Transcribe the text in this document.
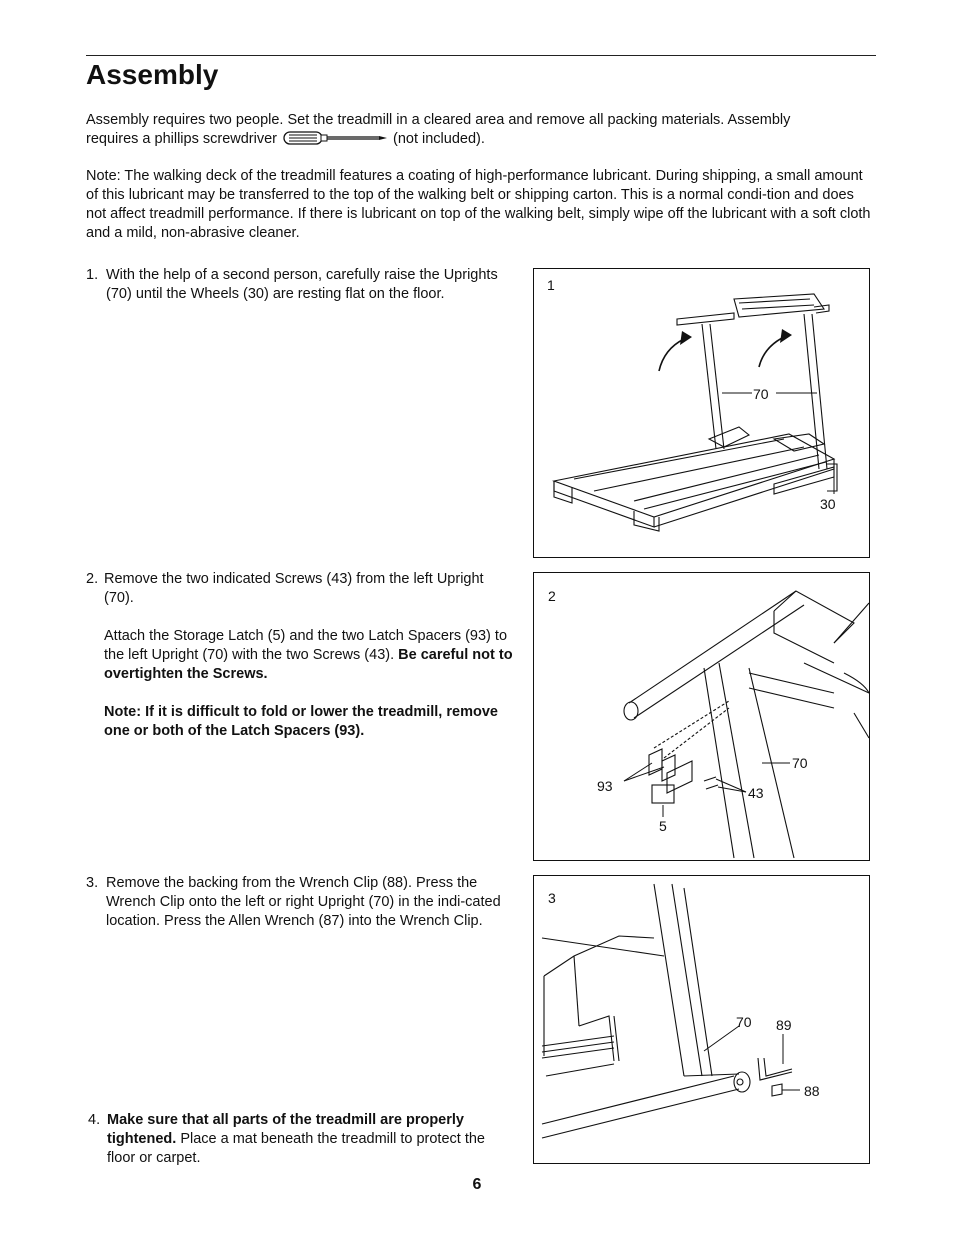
Assembly

Assembly requires two people. Set the treadmill in a cleared area and remove all packing materials. Assembly
requires a phillips screwdriver	(not included).

Note: The walking deck of the treadmill features a coating of high-performance lubricant. During shipping, a small amount of this lubricant may be transferred to the top of the walking belt or shipping carton. This is a normal condi-tion and does not affect treadmill performance. If there is lubricant on top of the walking belt, simply wipe off the lubricant with a soft cloth and a mild, non-abrasive cleaner.

1. With the help of a second person, carefully raise the Uprights (70) until the Wheels (30) are resting flat on the floor.

2. Remove the two indicated Screws (43) from the left Upright (70).

Attach the Storage Latch (5) and the two Latch Spacers (93) to the left Upright (70) with the two Screws (43). Be careful not to overtighten the Screws.

Note: If it is difficult to fold or lower the treadmill, remove one or both of the Latch Spacers (93).

3. Remove the backing from the Wrench Clip (88). Press the Wrench Clip onto the left or right Upright (70) in the indi-cated location. Press the Allen Wrench (87) into the Wrench Clip.

4. Make sure that all parts of the treadmill are properly tightened. Place a mat beneath the treadmill to protect the floor or carpet.

1
70
30
2
70
93	43
5
3
70 89
88
6
